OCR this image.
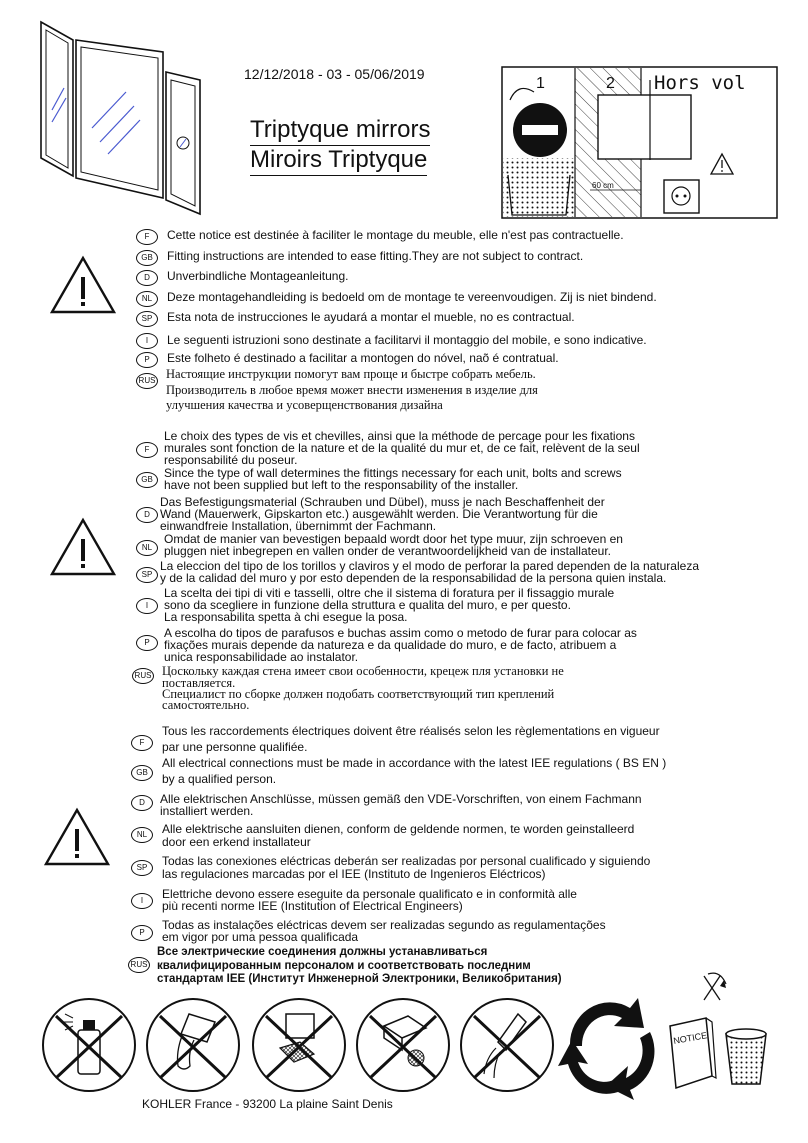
12/12/2018 - 03 - 05/06/2019
Triptyque mirrors
Miroirs Triptyque
1	2 Hors vol
60 cm
F	Cette notice est destinée à faciliter le montage du meuble, elle n'est pas contractuelle.
GB	Fitting instructions are intended to ease fitting.They are not subject to contract.
D	Unverbindliche Montageanleitung.
NL	Deze montagehandleiding is bedoeld om de montage te vereenvoudigen. Zij is niet bindend.
SP	Esta nota de instrucciones le ayudará a montar el mueble, no es contractual.
I	Le seguenti istruzioni sono destinate a facilitarvi il montaggio del mobile, e sono indicative.
P	Este folheto é destinado a facilitar a montogen do nóvel, naõ é contratual.
RUS Настоящие инструкции помогут вам проще и быстре собрать мебель.
Производитель в любое время может внести изменения в изделие для
улучшения качества и усоверщенствования дизайна
F
Le choix des types de vis et chevilles, ainsi que la méthode de percage pour les fixations
murales sont fonction de la nature et de la qualité du mur et, de ce fait, relèvent de la seul
responsabilité du poseur.
GB Since the type of wall determines the fittings necessary for each unit, bolts and screws
have not been supplied but left to the responsability of the installer.
D
Das Befestigungsmaterial (Schrauben und Dübel), muss je nach Beschaffenheit der
Wand (Mauerwerk, Gipskarton etc.) ausgewählt werden. Die Verantwortung für die
einwandfreie Installation, übernimmt der Fachmann.
NL
Omdat de manier van bevestigen bepaald wordt door het type muur, zijn schroeven en
pluggen niet inbegrepen en vallen onder de verantwoordelijkheid van de installateur.
SP
La eleccion del tipo de los torillos y claviros y el modo de perforar la pared dependen de la naturaleza
y de la calidad del muro y por esto dependen de la responsabilidad de la persona quien instala.
I
La scelta dei tipi di viti e tasselli, oltre che il sistema di foratura per il fissaggio murale
sono da scegliere in funzione della struttura e qualita del muro, e per questo.
La responsabilita spetta à chi esegue la posa.
P
A escolha do tipos de parafusos e buchas assim como o metodo de furar para colocar as
fixações murais depende da natureza e da qualidade do muro, e de facto, atribuem a
unica responsabilidade ao instalator.
RUS Цоскольку каждая стена имеет свои особенности, крецеж пля установки не
поставляется.
Специалист по сборке должен подобать соответствующий тип креплений
самостоятельно.
F
Tous les raccordements électriques doivent être réalisés selon les règlementations en vigueur
par une personne qualifiée.
GB
All electrical connections must be made in accordance with the latest IEE regulations ( BS EN )
by a qualified person.
D	Alle elektrischen Anschlüsse, müssen gemäß den VDE-Vorschriften, von einem Fachmann
installiert werden.
NL	Alle elektrische aansluiten dienen, conform de geldende normen, te worden geinstalleerd
door een erkend installateur
SP	Todas las conexiones eléctricas deberán ser realizadas por personal cualificado y siguiendo
las regulaciones marcadas por el IEE (Instituto de Ingenieros Eléctricos)
I	Elettriche devono essere eseguite da personale qualificato e in conformità alle
più recenti norme IEE (Institution of Electrical Engineers)
P
Todas as instalações eléctricas devem ser realizadas segundo as regulamentações
em vigor por uma pessoa qualificada
RUS
Все электрические соединения должны устанавливаться
квалифицированным персоналом и соответствовать последним
стандартам IEE (Институт Инженерной Электроники, Великобритания)
NOTICE
KOHLER France - 93200 La plaine Saint Denis
